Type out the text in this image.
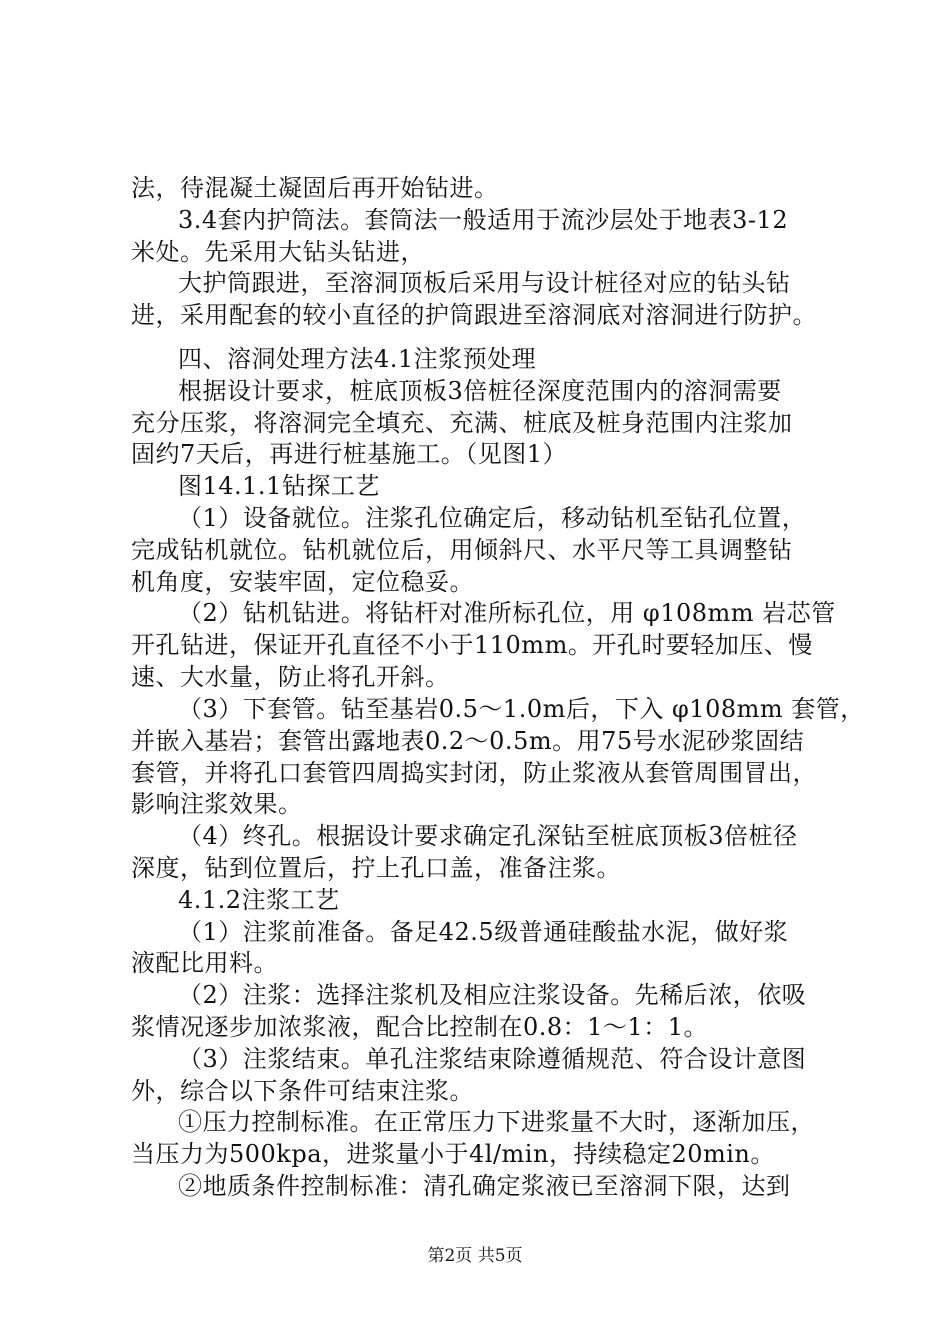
法，待混凝土凝固后再开始钻进。
3.4套内护筒法。套筒法一般适用于流沙层处于地表3-12
米处。先采用大钻头钻进，
大护筒跟进，至溶洞顶板后采用与设计桩径对应的钻头钻
进，采用配套的较小直径的护筒跟进至溶洞底对溶洞进行防护。
四、溶洞处理方法4.1注浆预处理
根据设计要求，桩底顶板3倍桩径深度范围内的溶洞需要
充分压浆，将溶洞完全填充、充满、桩底及桩身范围内注浆加
固约7天后，再进行桩基施工。（见图1）
图14.1.1钻探工艺
（1）设备就位。注浆孔位确定后，移动钻机至钻孔位置，
完成钻机就位。钻机就位后，用倾斜尺、水平尺等工具调整钻
机角度，安装牢固，定位稳妥。
（2）钻机钻进。将钻杆对准所标孔位，用 φ108mm 岩芯管
开孔钻进，保证开孔直径不小于110mm。开孔时要轻加压、慢
速、大水量，防止将孔开斜。
（3）下套管。钻至基岩0.5～1.0m后，下入 φ108mm 套管，
并嵌入基岩；套管出露地表0.2～0.5m。用75号水泥砂浆固结
套管，并将孔口套管四周捣实封闭，防止浆液从套管周围冒出，
影响注浆效果。
（4）终孔。根据设计要求确定孔深钻至桩底顶板3倍桩径
深度，钻到位置后，拧上孔口盖，准备注浆。
4.1.2注浆工艺
（1）注浆前准备。备足42.5级普通硅酸盐水泥，做好浆
液配比用料。
（2）注浆：选择注浆机及相应注浆设备。先稀后浓，依吸
浆情况逐步加浓浆液，配合比控制在0.8：1～1：1。
（3）注浆结束。单孔注浆结束除遵循规范、符合设计意图
外，综合以下条件可结束注浆。
①压力控制标准。在正常压力下进浆量不大时，逐渐加压，
当压力为500kpa，进浆量小于4l/min，持续稳定20min。
②地质条件控制标准：清孔确定浆液已至溶洞下限，达到
第2页 共5页
